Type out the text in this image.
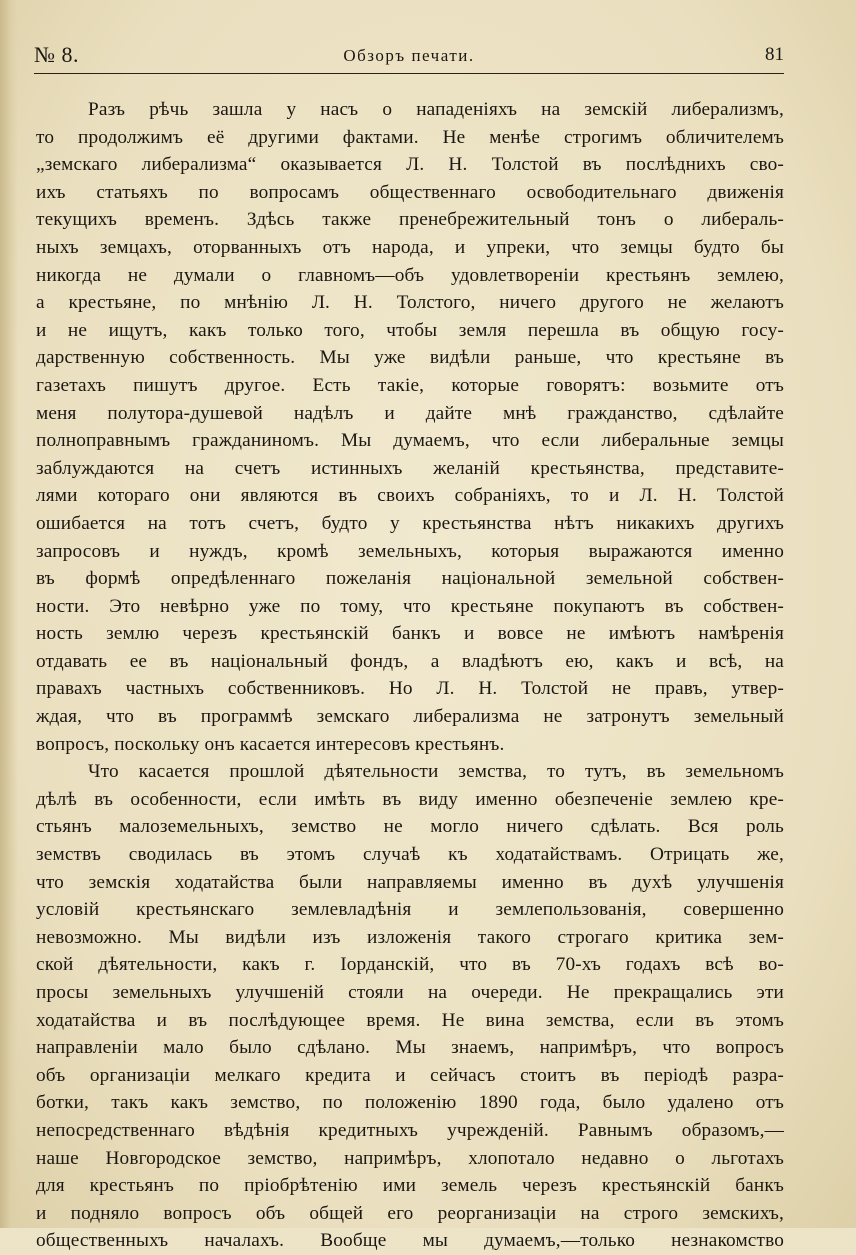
№ 8.	Обзоръ печати.	81
Разъ рѣчь зашла у насъ о нападеніяхъ на земскій либерализмъ,
то продолжимъ её другими фактами. Не менѣе строгимъ обличителемъ
„земскаго либерализма“ оказывается Л. Н. Толстой въ послѣднихъ сво-
ихъ статьяхъ по вопросамъ общественнаго освободительнаго движенія
текущихъ временъ. Здѣсь также пренебрежительный тонъ о либераль-
ныхъ земцахъ, оторванныхъ отъ народа, и упреки, что земцы будто бы
никогда не думали о главномъ—объ удовлетвореніи крестьянъ землею,
а крестьяне, по мнѣнію Л. Н. Толстого, ничего другого не желаютъ
и не ищутъ, какъ только того, чтобы земля перешла въ общую госу-
дарственную собственность. Мы уже видѣли раньше, что крестьяне въ
газетахъ пишутъ другое. Есть такіе, которые говорятъ: возьмите отъ
меня полутора-душевой надѣлъ и дайте мнѣ гражданство, сдѣлайте
полноправнымъ гражданиномъ. Мы думаемъ, что если либеральные земцы
заблуждаются на счетъ истинныхъ желаній крестьянства, представите-
лями котораго они являются въ своихъ собраніяхъ, то и Л. Н. Толстой
ошибается на тотъ счетъ, будто у крестьянства нѣтъ никакихъ другихъ
запросовъ и нуждъ, кромѣ земельныхъ, которыя выражаются именно
въ формѣ опредѣленнаго пожеланія національной земельной собствен-
ности. Это невѣрно уже по тому, что крестьяне покупаютъ въ собствен-
ность землю черезъ крестьянскій банкъ и вовсе не имѣютъ намѣренія
отдавать ее въ національный фондъ, а владѣютъ ею, какъ и всѣ, на
правахъ частныхъ собственниковъ. Но Л. Н. Толстой не правъ, утвер-
ждая, что въ программѣ земскаго либерализма не затронутъ земельный
вопросъ, поскольку онъ касается интересовъ крестьянъ.
Что касается прошлой дѣятельности земства, то тутъ, въ земельномъ
дѣлѣ въ особенности, если имѣть въ виду именно обезпеченіе землею кре-
стьянъ малоземельныхъ, земство не могло ничего сдѣлать. Вся роль
земствъ сводилась въ этомъ случаѣ къ ходатайствамъ. Отрицать же,
что земскія ходатайства были направляемы именно въ духѣ улучшенія
условій крестьянскаго землевладѣнія и землепользованія, совершенно
невозможно. Мы видѣли изъ изложенія такого строгаго критика зем-
ской дѣятельности, какъ г. Іорданскій, что въ 70-хъ годахъ всѣ во-
просы земельныхъ улучшеній стояли на очереди. Не прекращались эти
ходатайства и въ послѣдующее время. Не вина земства, если въ этомъ
направленіи мало было сдѣлано. Мы знаемъ, напримѣръ, что вопросъ
объ организаціи мелкаго кредита и сейчасъ стоитъ въ періодѣ разра-
ботки, такъ какъ земство, по положенію 1890 года, было удалено отъ
непосредственнаго вѣдѣнія кредитныхъ учрежденій. Равнымъ образомъ,—
наше Новгородское земство, напримѣръ, хлопотало недавно о льготахъ
для крестьянъ по пріобрѣтенію ими земель черезъ крестьянскій банкъ
и подняло вопросъ объ общей его реорганизаціи на строго земскихъ,
общественныхъ началахъ. Вообще мы думаемъ,—только незнакомство
